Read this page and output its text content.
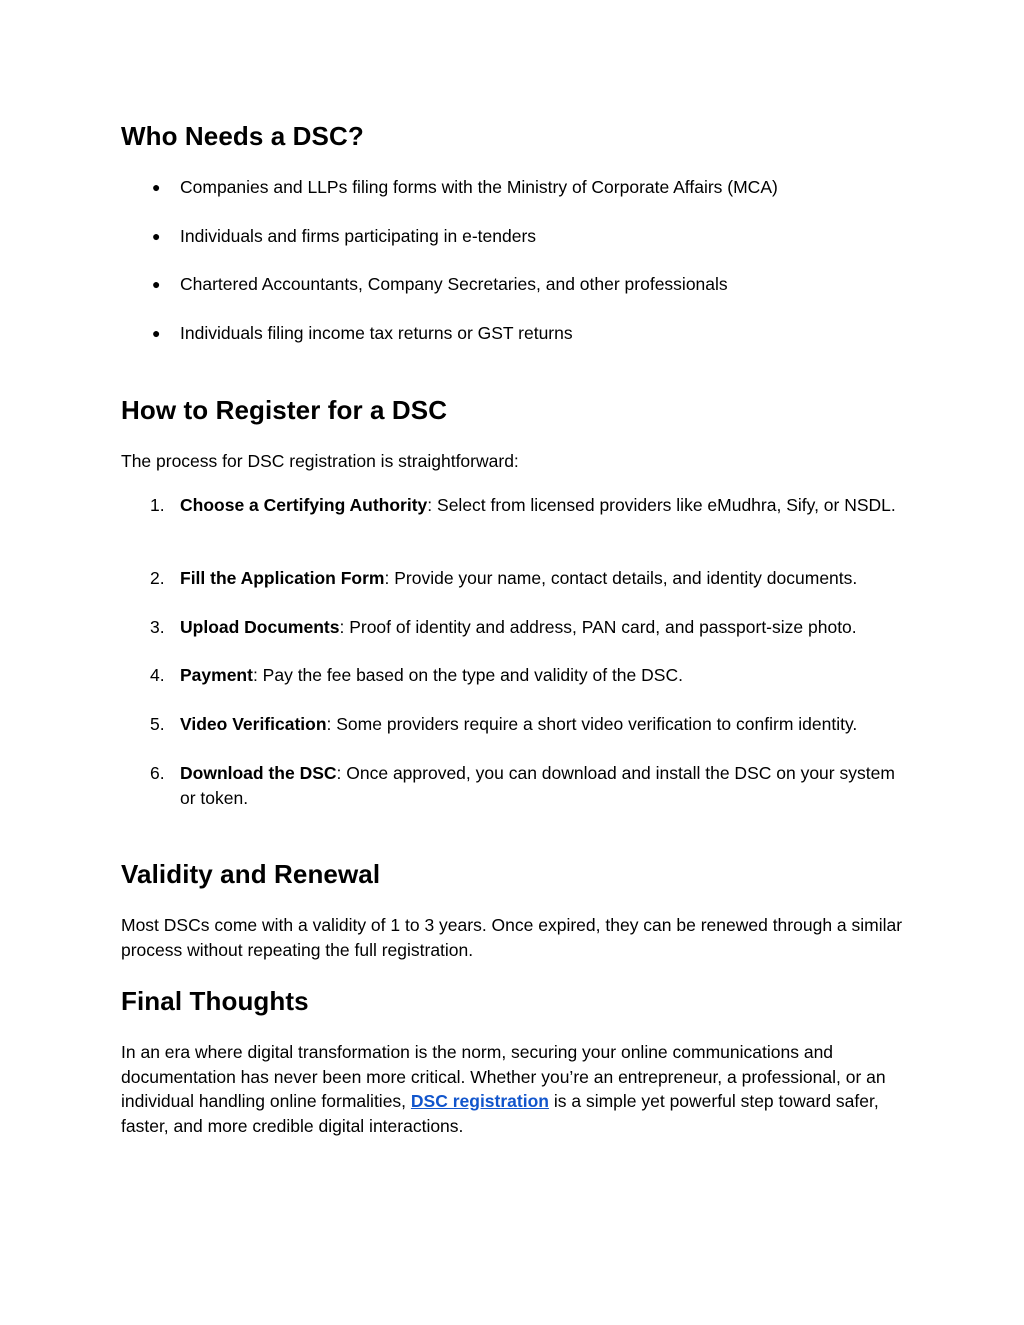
Who Needs a DSC?
● Companies and LLPs filing forms with the Ministry of Corporate Affairs (MCA)
● Individuals and firms participating in e-tenders
● Chartered Accountants, Company Secretaries, and other professionals
● Individuals filing income tax returns or GST returns
How to Register for a DSC

The process for DSC registration is straightforward:

1. Choose a Certifying Authority: Select from licensed providers like eMudhra, Sify, or NSDL.
2. Fill the Application Form: Provide your name, contact details, and identity documents.
3. Upload Documents: Proof of identity and address, PAN card, and passport-size photo.
4. Payment: Pay the fee based on the type and validity of the DSC.
5. Video Verification: Some providers require a short video verification to confirm identity.
6. Download the DSC: Once approved, you can download and install the DSC on your system or token.
Validity and Renewal

Most DSCs come with a validity of 1 to 3 years. Once expired, they can be renewed through a similar process without repeating the full registration.

Final Thoughts

In an era where digital transformation is the norm, securing your online communications and documentation has never been more critical. Whether you’re an entrepreneur, a professional, or an individual handling online formalities, DSC registration is a simple yet powerful step toward safer, faster, and more credible digital interactions.
